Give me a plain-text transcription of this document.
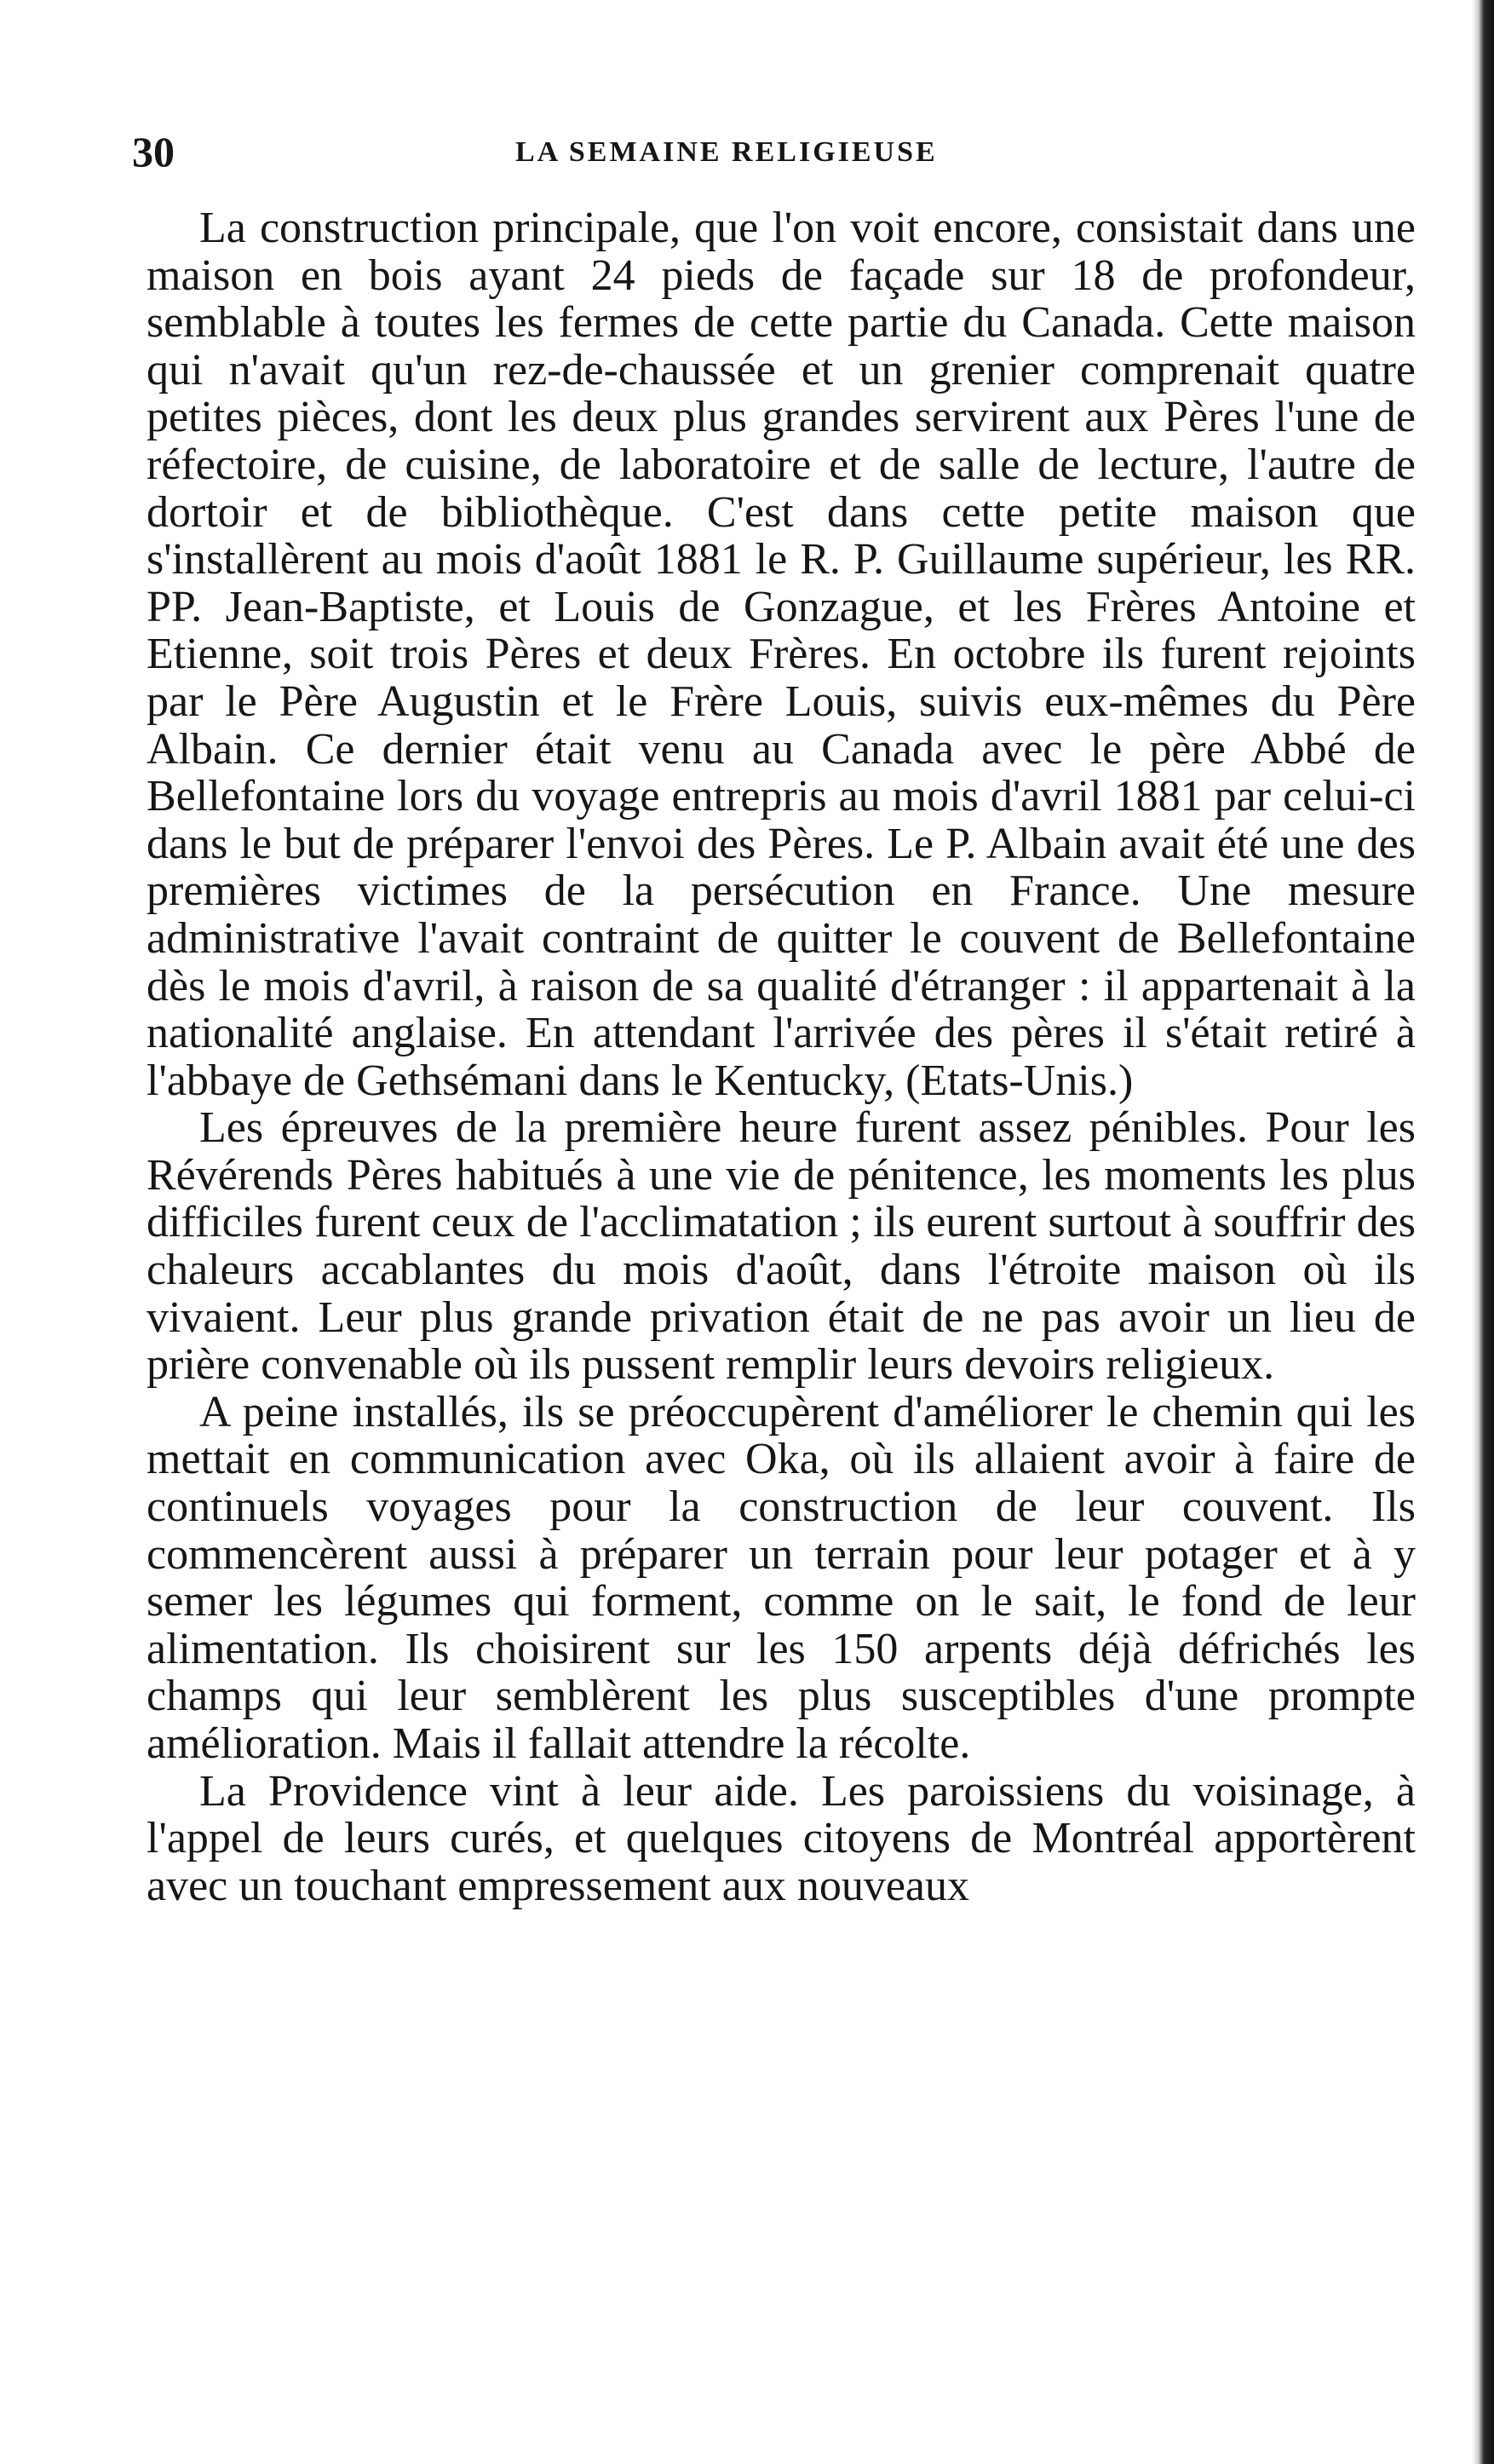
30	LA SEMAINE RELIGIEUSE

La construction principale, que l'on voit encore, consistait dans une maison en bois ayant 24 pieds de façade sur 18 de profondeur, semblable à toutes les fermes de cette partie du Canada. Cette maison qui n'avait qu'un rez-de-chaussée et un grenier comprenait quatre petites pièces, dont les deux plus grandes servirent aux Pères l'une de réfectoire, de cuisine, de laboratoire et de salle de lecture, l'autre de dortoir et de bibliothèque. C'est dans cette petite maison que s'installèrent au mois d'août 1881 le R. P. Guillaume supérieur, les RR. PP. Jean-Baptiste, et Louis de Gonzague, et les Frères Antoine et Etienne, soit trois Pères et deux Frères. En octobre ils furent rejoints par le Père Augustin et le Frère Louis, suivis eux-mêmes du Père Albain. Ce dernier était venu au Canada avec le père Abbé de Bellefontaine lors du voyage entrepris au mois d'avril 1881 par celui-ci dans le but de préparer l'envoi des Pères. Le P. Albain avait été une des premières victimes de la persécution en France. Une mesure administrative l'avait contraint de quitter le couvent de Bellefontaine dès le mois d'avril, à raison de sa qualité d'étranger : il appartenait à la nationalité anglaise. En attendant l'arrivée des pères il s'était retiré à l'abbaye de Gethsémani dans le Kentucky, (Etats-Unis.)

Les épreuves de la première heure furent assez pénibles. Pour les Révérends Pères habitués à une vie de pénitence, les moments les plus difficiles furent ceux de l'acclimatation ; ils eurent surtout à souffrir des chaleurs accablantes du mois d'août, dans l'étroite maison où ils vivaient. Leur plus grande privation était de ne pas avoir un lieu de prière convenable où ils pussent remplir leurs devoirs religieux.

A peine installés, ils se préoccupèrent d'améliorer le chemin qui les mettait en communication avec Oka, où ils allaient avoir à faire de continuels voyages pour la construction de leur couvent. Ils commencèrent aussi à préparer un terrain pour leur potager et à y semer les légumes qui forment, comme on le sait, le fond de leur alimentation. Ils choisirent sur les 150 arpents déjà défrichés les champs qui leur semblèrent les plus susceptibles d'une prompte amélioration. Mais il fallait attendre la récolte.

La Providence vint à leur aide. Les paroissiens du voisinage, à l'appel de leurs curés, et quelques citoyens de Montréal apportèrent avec un touchant empressement aux nouveaux
